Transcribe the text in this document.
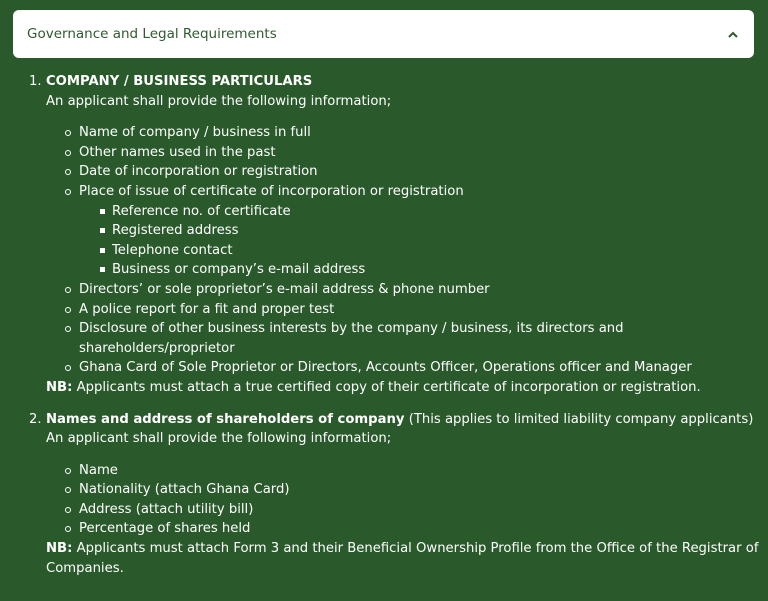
Governance and Legal Requirements
1. COMPANY / BUSINESS PARTICULARS
An applicant shall provide the following information;
Name of company / business in full
Other names used in the past
Date of incorporation or registration
Place of issue of certificate of incorporation or registration
Reference no. of certificate
Registered address
Telephone contact
Business or company’s e-mail address
Directors’ or sole proprietor’s e-mail address & phone number
A police report for a fit and proper test
Disclosure of other business interests by the company / business, its directors and shareholders/proprietor
Ghana Card of Sole Proprietor or Directors, Accounts Officer, Operations officer and Manager
NB: Applicants must attach a true certified copy of their certificate of incorporation or registration.
2. Names and address of shareholders of company (This applies to limited liability company applicants)
An applicant shall provide the following information;
Name
Nationality (attach Ghana Card)
Address (attach utility bill)
Percentage of shares held
NB: Applicants must attach Form 3 and their Beneficial Ownership Profile from the Office of the Registrar of Companies.
